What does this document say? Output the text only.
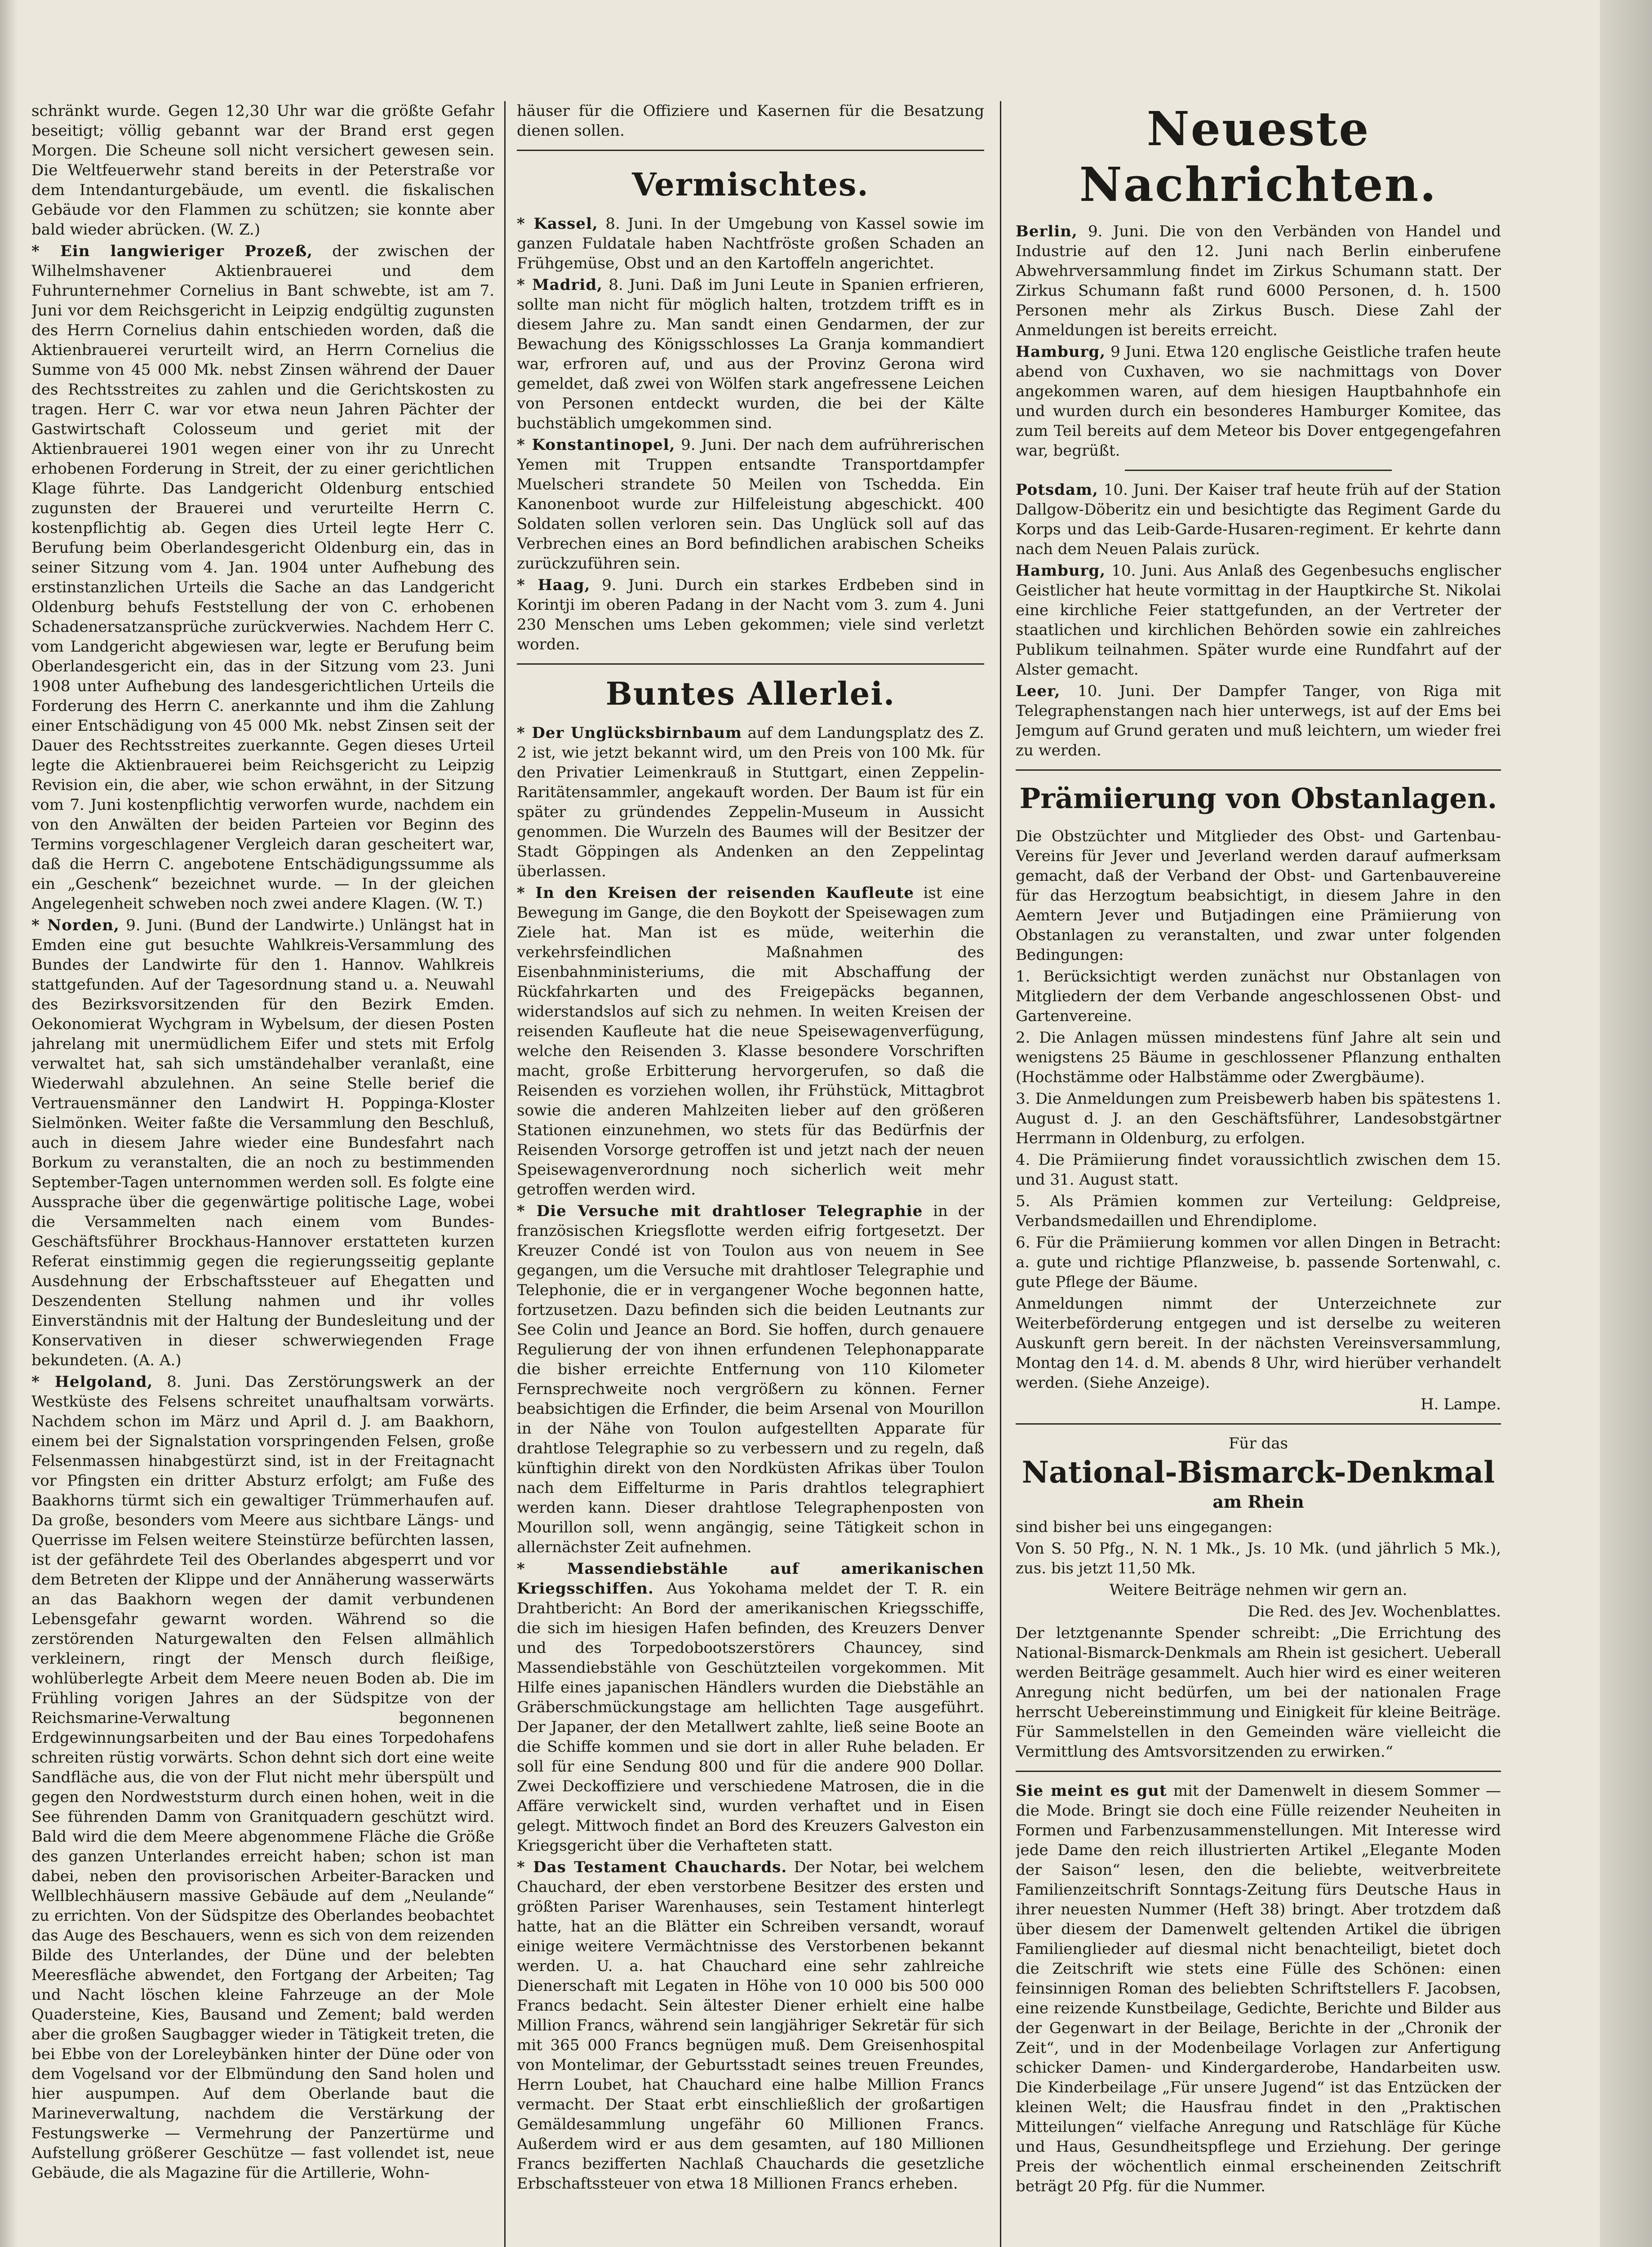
schränkt wurde. Gegen 12,30 Uhr war die größte Gefahr beseitigt; völlig gebannt war der Brand erst gegen Morgen. Die Scheune soll nicht versichert gewesen sein. Die Weltfeuerwehr stand bereits in der Peterstraße vor dem Intendanturgebäude, um eventl. die fiskalischen Gebäude vor den Flammen zu schützen; sie konnte aber bald wieder abrücken. (W. Z.)

* Ein langwieriger Prozeß, der zwischen der Wilhelmshavener Aktienbrauerei und dem Fuhrunternehmer Cornelius in Bant schwebte, ist am 7. Juni vor dem Reichsgericht in Leipzig endgültig zugunsten des Herrn Cornelius dahin entschieden worden, daß die Aktienbrauerei verurteilt wird, an Herrn Cornelius die Summe von 45 000 Mk. nebst Zinsen während der Dauer des Rechtsstreites zu zahlen und die Gerichtskosten zu tragen. Herr C. war vor etwa neun Jahren Pächter der Gastwirtschaft Colosseum und geriet mit der Aktienbrauerei 1901 wegen einer von ihr zu Unrecht erhobenen Forderung in Streit, der zu einer gerichtlichen Klage führte. Das Landgericht Oldenburg entschied zugunsten der Brauerei und verurteilte Herrn C. kostenpflichtig ab. Gegen dies Urteil legte Herr C. Berufung beim Oberlandesgericht Oldenburg ein, das in seiner Sitzung vom 4. Jan. 1904 unter Aufhebung des erstinstanzlichen Urteils die Sache an das Landgericht Oldenburg behufs Feststellung der von C. erhobenen Schadenersatzansprüche zurückverwies. Nachdem Herr C. vom Landgericht abgewiesen war, legte er Berufung beim Oberlandesgericht ein, das in der Sitzung vom 23. Juni 1908 unter Aufhebung des landesgerichtlichen Urteils die Forderung des Herrn C. anerkannte und ihm die Zahlung einer Entschädigung von 45 000 Mk. nebst Zinsen seit der Dauer des Rechtsstreites zuerkannte. Gegen dieses Urteil legte die Aktienbrauerei beim Reichsgericht zu Leipzig Revision ein, die aber, wie schon erwähnt, in der Sitzung vom 7. Juni kostenpflichtig verworfen wurde, nachdem ein von den Anwälten der beiden Parteien vor Beginn des Termins vorgeschlagener Vergleich daran gescheitert war, daß die Herrn C. angebotene Entschädigungssumme als ein „Geschenk“ bezeichnet wurde. — In der gleichen Angelegenheit schweben noch zwei andere Klagen. (W. T.)

* Norden, 9. Juni. (Bund der Landwirte.) Unlängst hat in Emden eine gut besuchte Wahlkreis-Versammlung des Bundes der Landwirte für den 1. Hannov. Wahlkreis stattgefunden. Auf der Tagesordnung stand u. a. Neuwahl des Bezirksvorsitzenden für den Bezirk Emden. Oekonomierat Wychgram in Wybelsum, der diesen Posten jahrelang mit unermüdlichem Eifer und stets mit Erfolg verwaltet hat, sah sich umständehalber veranlaßt, eine Wiederwahl abzulehnen. An seine Stelle berief die Vertrauensmänner den Landwirt H. Poppinga-Kloster Sielmönken. Weiter faßte die Versammlung den Beschluß, auch in diesem Jahre wieder eine Bundesfahrt nach Borkum zu veranstalten, die an noch zu bestimmenden September-Tagen unternommen werden soll. Es folgte eine Aussprache über die gegenwärtige politische Lage, wobei die Versammelten nach einem vom Bundes-Geschäftsführer Brockhaus-Hannover erstatteten kurzen Referat einstimmig gegen die regierungsseitig geplante Ausdehnung der Erbschaftssteuer auf Ehegatten und Deszendenten Stellung nahmen und ihr volles Einverständnis mit der Haltung der Bundesleitung und der Konservativen in dieser schwerwiegenden Frage bekundeten. (A. A.)

* Helgoland, 8. Juni. Das Zerstörungswerk an der Westküste des Felsens schreitet unaufhaltsam vorwärts. Nachdem schon im März und April d. J. am Baakhorn, einem bei der Signalstation vorspringenden Felsen, große Felsenmassen hinabgestürzt sind, ist in der Freitagnacht vor Pfingsten ein dritter Absturz erfolgt; am Fuße des Baakhorns türmt sich ein gewaltiger Trümmerhaufen auf. Da große, besonders vom Meere aus sichtbare Längs- und Querrisse im Felsen weitere Steinstürze befürchten lassen, ist der gefährdete Teil des Oberlandes abgesperrt und vor dem Betreten der Klippe und der Annäherung wasserwärts an das Baakhorn wegen der damit verbundenen Lebensgefahr gewarnt worden. Während so die zerstörenden Naturgewalten den Felsen allmählich verkleinern, ringt der Mensch durch fleißige, wohlüberlegte Arbeit dem Meere neuen Boden ab. Die im Frühling vorigen Jahres an der Südspitze von der Reichsmarine-Verwaltung begonnenen Erdgewinnungsarbeiten und der Bau eines Torpedohafens schreiten rüstig vorwärts. Schon dehnt sich dort eine weite Sandfläche aus, die von der Flut nicht mehr überspült und gegen den Nordweststurm durch einen hohen, weit in die See führenden Damm von Granitquadern geschützt wird. Bald wird die dem Meere abgenommene Fläche die Größe des ganzen Unterlandes erreicht haben; schon ist man dabei, neben den provisorischen Arbeiter-Baracken und Wellblechhäusern massive Gebäude auf dem „Neulande“ zu errichten. Von der Südspitze des Oberlandes beobachtet das Auge des Beschauers, wenn es sich von dem reizenden Bilde des Unterlandes, der Düne und der belebten Meeresfläche abwendet, den Fortgang der Arbeiten; Tag und Nacht löschen kleine Fahrzeuge an der Mole Quadersteine, Kies, Bausand und Zement; bald werden aber die großen Saugbagger wieder in Tätigkeit treten, die bei Ebbe von der Loreleybänken hinter der Düne oder von dem Vogelsand vor der Elbmündung den Sand holen und hier auspumpen. Auf dem Oberlande baut die Marineverwaltung, nachdem die Verstärkung der Festungswerke — Vermehrung der Panzertürme und Aufstellung größerer Geschütze — fast vollendet ist, neue Gebäude, die als Magazine für die Artillerie, Wohn-

häuser für die Offiziere und Kasernen für die Besatzung dienen sollen.

Vermischtes.

* Kassel, 8. Juni. In der Umgebung von Kassel sowie im ganzen Fuldatale haben Nachtfröste großen Schaden an Frühgemüse, Obst und an den Kartoffeln angerichtet.

* Madrid, 8. Juni. Daß im Juni Leute in Spanien erfrieren, sollte man nicht für möglich halten, trotzdem trifft es in diesem Jahre zu. Man sandt einen Gendarmen, der zur Bewachung des Königsschlosses La Granja kommandiert war, erfroren auf, und aus der Provinz Gerona wird gemeldet, daß zwei von Wölfen stark angefressene Leichen von Personen entdeckt wurden, die bei der Kälte buchstäblich umgekommen sind.

* Konstantinopel, 9. Juni. Der nach dem aufrührerischen Yemen mit Truppen entsandte Transportdampfer Muelscheri strandete 50 Meilen von Tschedda. Ein Kanonenboot wurde zur Hilfeleistung abgeschickt. 400 Soldaten sollen verloren sein. Das Unglück soll auf das Verbrechen eines an Bord befindlichen arabischen Scheiks zurückzuführen sein.

* Haag, 9. Juni. Durch ein starkes Erdbeben sind in Korintji im oberen Padang in der Nacht vom 3. zum 4. Juni 230 Menschen ums Leben gekommen; viele sind verletzt worden.

Buntes Allerlei.

* Der Unglücksbirnbaum auf dem Landungsplatz des Z. 2 ist, wie jetzt bekannt wird, um den Preis von 100 Mk. für den Privatier Leimenkrauß in Stuttgart, einen Zeppelin-Raritätensammler, angekauft worden. Der Baum ist für ein später zu gründendes Zeppelin-Museum in Aussicht genommen. Die Wurzeln des Baumes will der Besitzer der Stadt Göppingen als Andenken an den Zeppelintag überlassen.

* In den Kreisen der reisenden Kaufleute ist eine Bewegung im Gange, die den Boykott der Speisewagen zum Ziele hat. Man ist es müde, weiterhin die verkehrsfeindlichen Maßnahmen des Eisenbahnministeriums, die mit Abschaffung der Rückfahrkarten und des Freigepäcks begannen, widerstandslos auf sich zu nehmen. In weiten Kreisen der reisenden Kaufleute hat die neue Speisewagenverfügung, welche den Reisenden 3. Klasse besondere Vorschriften macht, große Erbitterung hervorgerufen, so daß die Reisenden es vorziehen wollen, ihr Frühstück, Mittagbrot sowie die anderen Mahlzeiten lieber auf den größeren Stationen einzunehmen, wo stets für das Bedürfnis der Reisenden Vorsorge getroffen ist und jetzt nach der neuen Speisewagenverordnung noch sicherlich weit mehr getroffen werden wird.

* Die Versuche mit drahtloser Telegraphie in der französischen Kriegsflotte werden eifrig fortgesetzt. Der Kreuzer Condé ist von Toulon aus von neuem in See gegangen, um die Versuche mit drahtloser Telegraphie und Telephonie, die er in vergangener Woche begonnen hatte, fortzusetzen. Dazu befinden sich die beiden Leutnants zur See Colin und Jeance an Bord. Sie hoffen, durch genauere Regulierung der von ihnen erfundenen Telephonapparate die bisher erreichte Entfernung von 110 Kilometer Fernsprechweite noch vergrößern zu können. Ferner beabsichtigen die Erfinder, die beim Arsenal von Mourillon in der Nähe von Toulon aufgestellten Apparate für drahtlose Telegraphie so zu verbessern und zu regeln, daß künftighin direkt von den Nordküsten Afrikas über Toulon nach dem Eiffelturme in Paris drahtlos telegraphiert werden kann. Dieser drahtlose Telegraphenposten von Mourillon soll, wenn angängig, seine Tätigkeit schon in allernächster Zeit aufnehmen.

* Massendiebstähle auf amerikanischen Kriegsschiffen. Aus Yokohama meldet der T. R. ein Drahtbericht: An Bord der amerikanischen Kriegsschiffe, die sich im hiesigen Hafen befinden, des Kreuzers Denver und des Torpedobootszerstörers Chauncey, sind Massendiebstähle von Geschützteilen vorgekommen. Mit Hilfe eines japanischen Händlers wurden die Diebstähle an Gräberschmückungstage am hellichten Tage ausgeführt. Der Japaner, der den Metallwert zahlte, ließ seine Boote an die Schiffe kommen und sie dort in aller Ruhe beladen. Er soll für eine Sendung 800 und für die andere 900 Dollar. Zwei Deckoffiziere und verschiedene Matrosen, die in die Affäre verwickelt sind, wurden verhaftet und in Eisen gelegt. Mittwoch findet an Bord des Kreuzers Galveston ein Kriegsgericht über die Verhafteten statt.

* Das Testament Chauchards. Der Notar, bei welchem Chauchard, der eben verstorbene Besitzer des ersten und größten Pariser Warenhauses, sein Testament hinterlegt hatte, hat an die Blätter ein Schreiben versandt, worauf einige weitere Vermächtnisse des Verstorbenen bekannt werden. U. a. hat Chauchard eine sehr zahlreiche Dienerschaft mit Legaten in Höhe von 10 000 bis 500 000 Francs bedacht. Sein ältester Diener erhielt eine halbe Million Francs, während sein langjähriger Sekretär für sich mit 365 000 Francs begnügen muß. Dem Greisenhospital von Montelimar, der Geburtsstadt seines treuen Freundes, Herrn Loubet, hat Chauchard eine halbe Million Francs vermacht. Der Staat erbt einschließlich der großartigen Gemäldesammlung ungefähr 60 Millionen Francs. Außerdem wird er aus dem gesamten, auf 180 Millionen Francs bezifferten Nachlaß Chauchards die gesetzliche Erbschaftssteuer von etwa 18 Millionen Francs erheben.

Neueste Nachrichten.

Berlin, 9. Juni. Die von den Verbänden von Handel und Industrie auf den 12. Juni nach Berlin einberufene Abwehrversammlung findet im Zirkus Schumann statt. Der Zirkus Schumann faßt rund 6000 Personen, d. h. 1500 Personen mehr als Zirkus Busch. Diese Zahl der Anmeldungen ist bereits erreicht.

Hamburg, 9 Juni. Etwa 120 englische Geistliche trafen heute abend von Cuxhaven, wo sie nachmittags von Dover angekommen waren, auf dem hiesigen Hauptbahnhofe ein und wurden durch ein besonderes Hamburger Komitee, das zum Teil bereits auf dem Meteor bis Dover entgegengefahren war, begrüßt.

Potsdam, 10. Juni. Der Kaiser traf heute früh auf der Station Dallgow-Döberitz ein und besichtigte das Regiment Garde du Korps und das Leib-Garde-Husaren-regiment. Er kehrte dann nach dem Neuen Palais zurück.

Hamburg, 10. Juni. Aus Anlaß des Gegenbesuchs englischer Geistlicher hat heute vormittag in der Hauptkirche St. Nikolai eine kirchliche Feier stattgefunden, an der Vertreter der staatlichen und kirchlichen Behörden sowie ein zahlreiches Publikum teilnahmen. Später wurde eine Rundfahrt auf der Alster gemacht.

Leer, 10. Juni. Der Dampfer Tanger, von Riga mit Telegraphenstangen nach hier unterwegs, ist auf der Ems bei Jemgum auf Grund geraten und muß leichtern, um wieder frei zu werden.

Prämiierung von Obstanlagen.

Die Obstzüchter und Mitglieder des Obst- und Gartenbau-Vereins für Jever und Jeverland werden darauf aufmerksam gemacht, daß der Verband der Obst- und Gartenbauvereine für das Herzogtum beabsichtigt, in diesem Jahre in den Aemtern Jever und Butjadingen eine Prämiierung von Obstanlagen zu veranstalten, und zwar unter folgenden Bedingungen:

1. Berücksichtigt werden zunächst nur Obstanlagen von Mitgliedern der dem Verbande angeschlossenen Obst- und Gartenvereine.

2. Die Anlagen müssen mindestens fünf Jahre alt sein und wenigstens 25 Bäume in geschlossener Pflanzung enthalten (Hochstämme oder Halbstämme oder Zwergbäume).

3. Die Anmeldungen zum Preisbewerb haben bis spätestens 1. August d. J. an den Geschäftsführer, Landesobstgärtner Herrmann in Oldenburg, zu erfolgen.

4. Die Prämiierung findet voraussichtlich zwischen dem 15. und 31. August statt.

5. Als Prämien kommen zur Verteilung: Geldpreise, Verbandsmedaillen und Ehrendiplome.

6. Für die Prämiierung kommen vor allen Dingen in Betracht: a. gute und richtige Pflanzweise, b. passende Sortenwahl, c. gute Pflege der Bäume.

Anmeldungen nimmt der Unterzeichnete zur Weiterbeförderung entgegen und ist derselbe zu weiteren Auskunft gern bereit. In der nächsten Vereinsversammlung, Montag den 14. d. M. abends 8 Uhr, wird hierüber verhandelt werden. (Siehe Anzeige).

H. Lampe.

Für das
National-Bismarck-Denkmal
am Rhein

sind bisher bei uns eingegangen:

Von S. 50 Pfg., N. N. 1 Mk., Js. 10 Mk. (und jährlich 5 Mk.), zus. bis jetzt 11,50 Mk.

Weitere Beiträge nehmen wir gern an.

Die Red. des Jev. Wochenblattes.

Der letztgenannte Spender schreibt: „Die Errichtung des National-Bismarck-Denkmals am Rhein ist gesichert. Ueberall werden Beiträge gesammelt. Auch hier wird es einer weiteren Anregung nicht bedürfen, um bei der nationalen Frage herrscht Uebereinstimmung und Einigkeit für kleine Beiträge. Für Sammelstellen in den Gemeinden wäre vielleicht die Vermittlung des Amtsvorsitzenden zu erwirken.“

Sie meint es gut mit der Damenwelt in diesem Sommer — die Mode. Bringt sie doch eine Fülle reizender Neuheiten in Formen und Farbenzusammenstellungen. Mit Interesse wird jede Dame den reich illustrierten Artikel „Elegante Moden der Saison“ lesen, den die beliebte, weitverbreitete Familienzeitschrift Sonntags-Zeitung fürs Deutsche Haus in ihrer neuesten Nummer (Heft 38) bringt. Aber trotzdem daß über diesem der Damenwelt geltenden Artikel die übrigen Familienglieder auf diesmal nicht benachteiligt, bietet doch die Zeitschrift wie stets eine Fülle des Schönen: einen feinsinnigen Roman des beliebten Schriftstellers F. Jacobsen, eine reizende Kunstbeilage, Gedichte, Berichte und Bilder aus der Gegenwart in der Beilage, Berichte in der „Chronik der Zeit“, und in der Modenbeilage Vorlagen zur Anfertigung schicker Damen- und Kindergarderobe, Handarbeiten usw. Die Kinderbeilage „Für unsere Jugend“ ist das Entzücken der kleinen Welt; die Hausfrau findet in den „Praktischen Mitteilungen“ vielfache Anregung und Ratschläge für Küche und Haus, Gesundheitspflege und Erziehung. Der geringe Preis der wöchentlich einmal erscheinenden Zeitschrift beträgt 20 Pfg. für die Nummer.
